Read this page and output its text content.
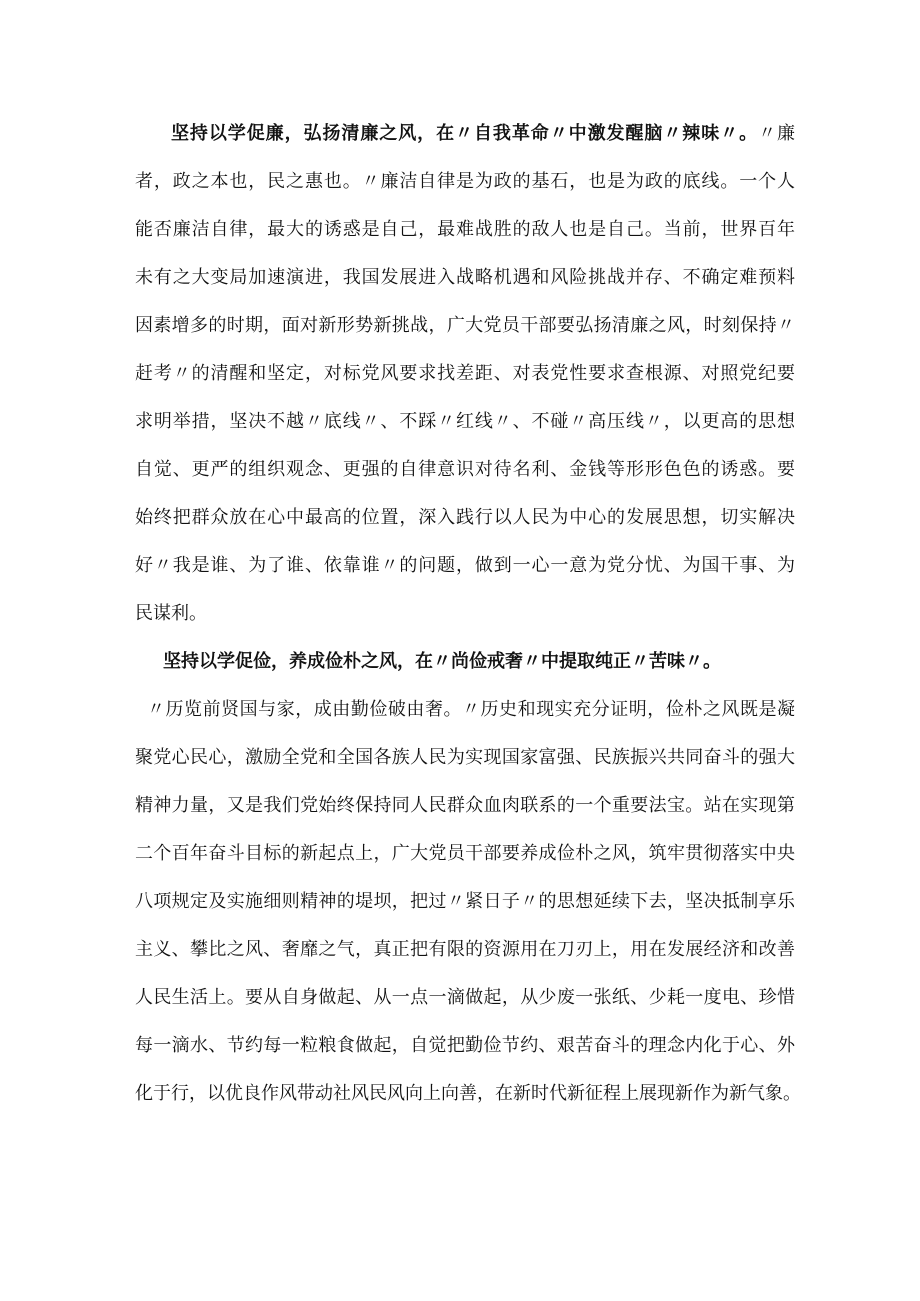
坚持以学促廉，弘扬清廉之风，在〃自我革命〃中激发醒脑〃辣味〃。〃廉
者，政之本也，民之惠也。〃廉洁自律是为政的基石，也是为政的底线。一个人
能否廉洁自律，最大的诱惑是自己，最难战胜的敌人也是自己。当前，世界百年
未有之大变局加速演进，我国发展进入战略机遇和风险挑战并存、不确定难预料
因素增多的时期，面对新形势新挑战，广大党员干部要弘扬清廉之风，时刻保持〃
赶考〃的清醒和坚定，对标党风要求找差距、对表党性要求查根源、对照党纪要
求明举措，坚决不越〃底线〃、不踩〃红线〃、不碰〃高压线〃，以更高的思想
自觉、更严的组织观念、更强的自律意识对待名利、金钱等形形色色的诱惑。要
始终把群众放在心中最高的位置，深入践行以人民为中心的发展思想，切实解决
好〃我是谁、为了谁、依靠谁〃的问题，做到一心一意为党分忧、为国干事、为
民谋利。
坚持以学促俭，养成俭朴之风，在〃尚俭戒奢〃中提取纯正〃苦味〃。
〃历览前贤国与家，成由勤俭破由奢。〃历史和现实充分证明，俭朴之风既是凝
聚党心民心，激励全党和全国各族人民为实现国家富强、民族振兴共同奋斗的强大
精神力量，又是我们党始终保持同人民群众血肉联系的一个重要法宝。站在实现第
二个百年奋斗目标的新起点上，广大党员干部要养成俭朴之风，筑牢贯彻落实中央
八项规定及实施细则精神的堤坝，把过〃紧日子〃的思想延续下去，坚决抵制享乐
主义、攀比之风、奢靡之气，真正把有限的资源用在刀刃上，用在发展经济和改善
人民生活上。要从自身做起、从一点一滴做起，从少废一张纸、少耗一度电、珍惜
每一滴水、节约每一粒粮食做起，自觉把勤俭节约、艰苦奋斗的理念内化于心、外
化于行，以优良作风带动社风民风向上向善，在新时代新征程上展现新作为新气象。
